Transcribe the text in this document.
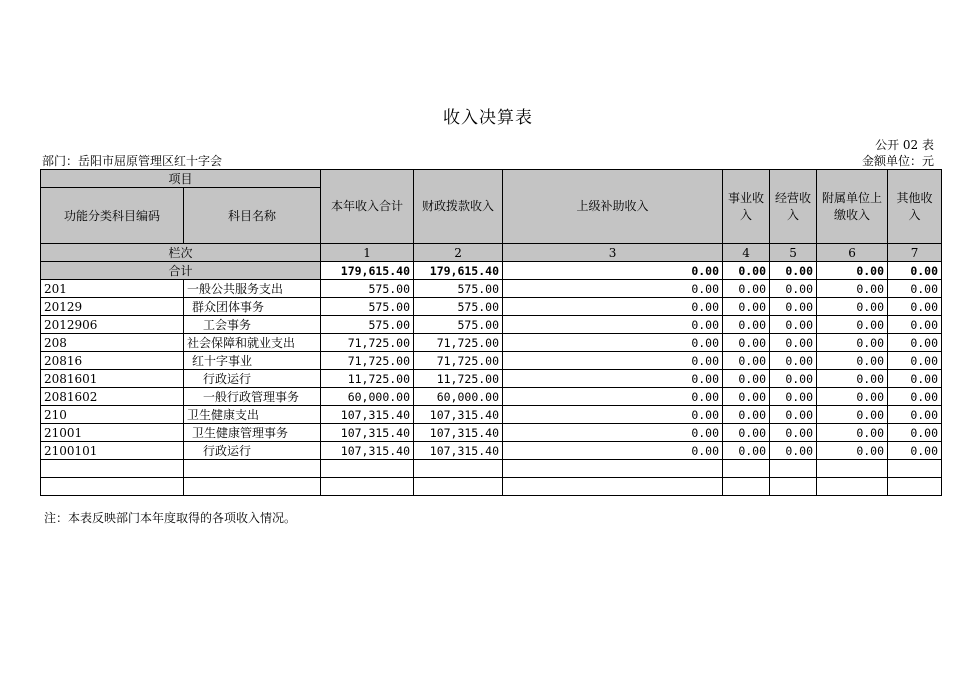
收入决算表
公开 02 表
部门：岳阳市屈原管理区红十字会	金额单位：元
项目		本年收入合计	财政拨款收入	上级补助收入	事业收入	经营收入	附属单位上缴收入	其他收入
功能分类科目编码	科目名称							
栏次		1	2	3	4	5	6	7
合计		179,615.40	179,615.40	0.00	0.00	0.00	0.00	0.00
201	一般公共服务支出	575.00	575.00	0.00	0.00	0.00	0.00	0.00
20129	群众团体事务	575.00	575.00	0.00	0.00	0.00	0.00	0.00
2012906	工会事务	575.00	575.00	0.00	0.00	0.00	0.00	0.00
208	社会保障和就业支出	71,725.00	71,725.00	0.00	0.00	0.00	0.00	0.00
20816	红十字事业	71,725.00	71,725.00	0.00	0.00	0.00	0.00	0.00
2081601	行政运行	11,725.00	11,725.00	0.00	0.00	0.00	0.00	0.00
2081602	一般行政管理事务	60,000.00	60,000.00	0.00	0.00	0.00	0.00	0.00
210	卫生健康支出	107,315.40	107,315.40	0.00	0.00	0.00	0.00	0.00
21001	卫生健康管理事务	107,315.40	107,315.40	0.00	0.00	0.00	0.00	0.00
2100101	行政运行	107,315.40	107,315.40	0.00	0.00	0.00	0.00	0.00

注：本表反映部门本年度取得的各项收入情况。
